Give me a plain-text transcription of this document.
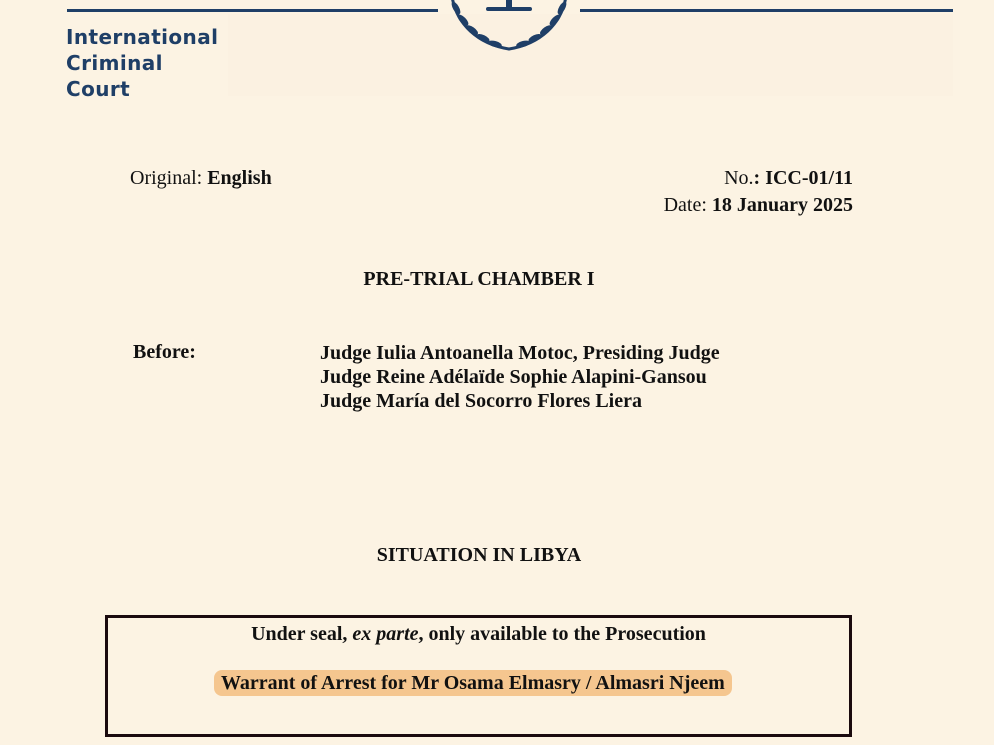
International
Criminal
Court
Original: English	No.: ICC-01/11
Date: 18 January 2025
PRE-TRIAL CHAMBER I
Before:	Judge Iulia Antoanella Motoc, Presiding Judge
Judge Reine Adélaïde Sophie Alapini-Gansou
Judge María del Socorro Flores Liera
SITUATION IN LIBYA
Under seal, ex parte, only available to the Prosecution
Warrant of Arrest for Mr Osama Elmasry / Almasri Njeem
